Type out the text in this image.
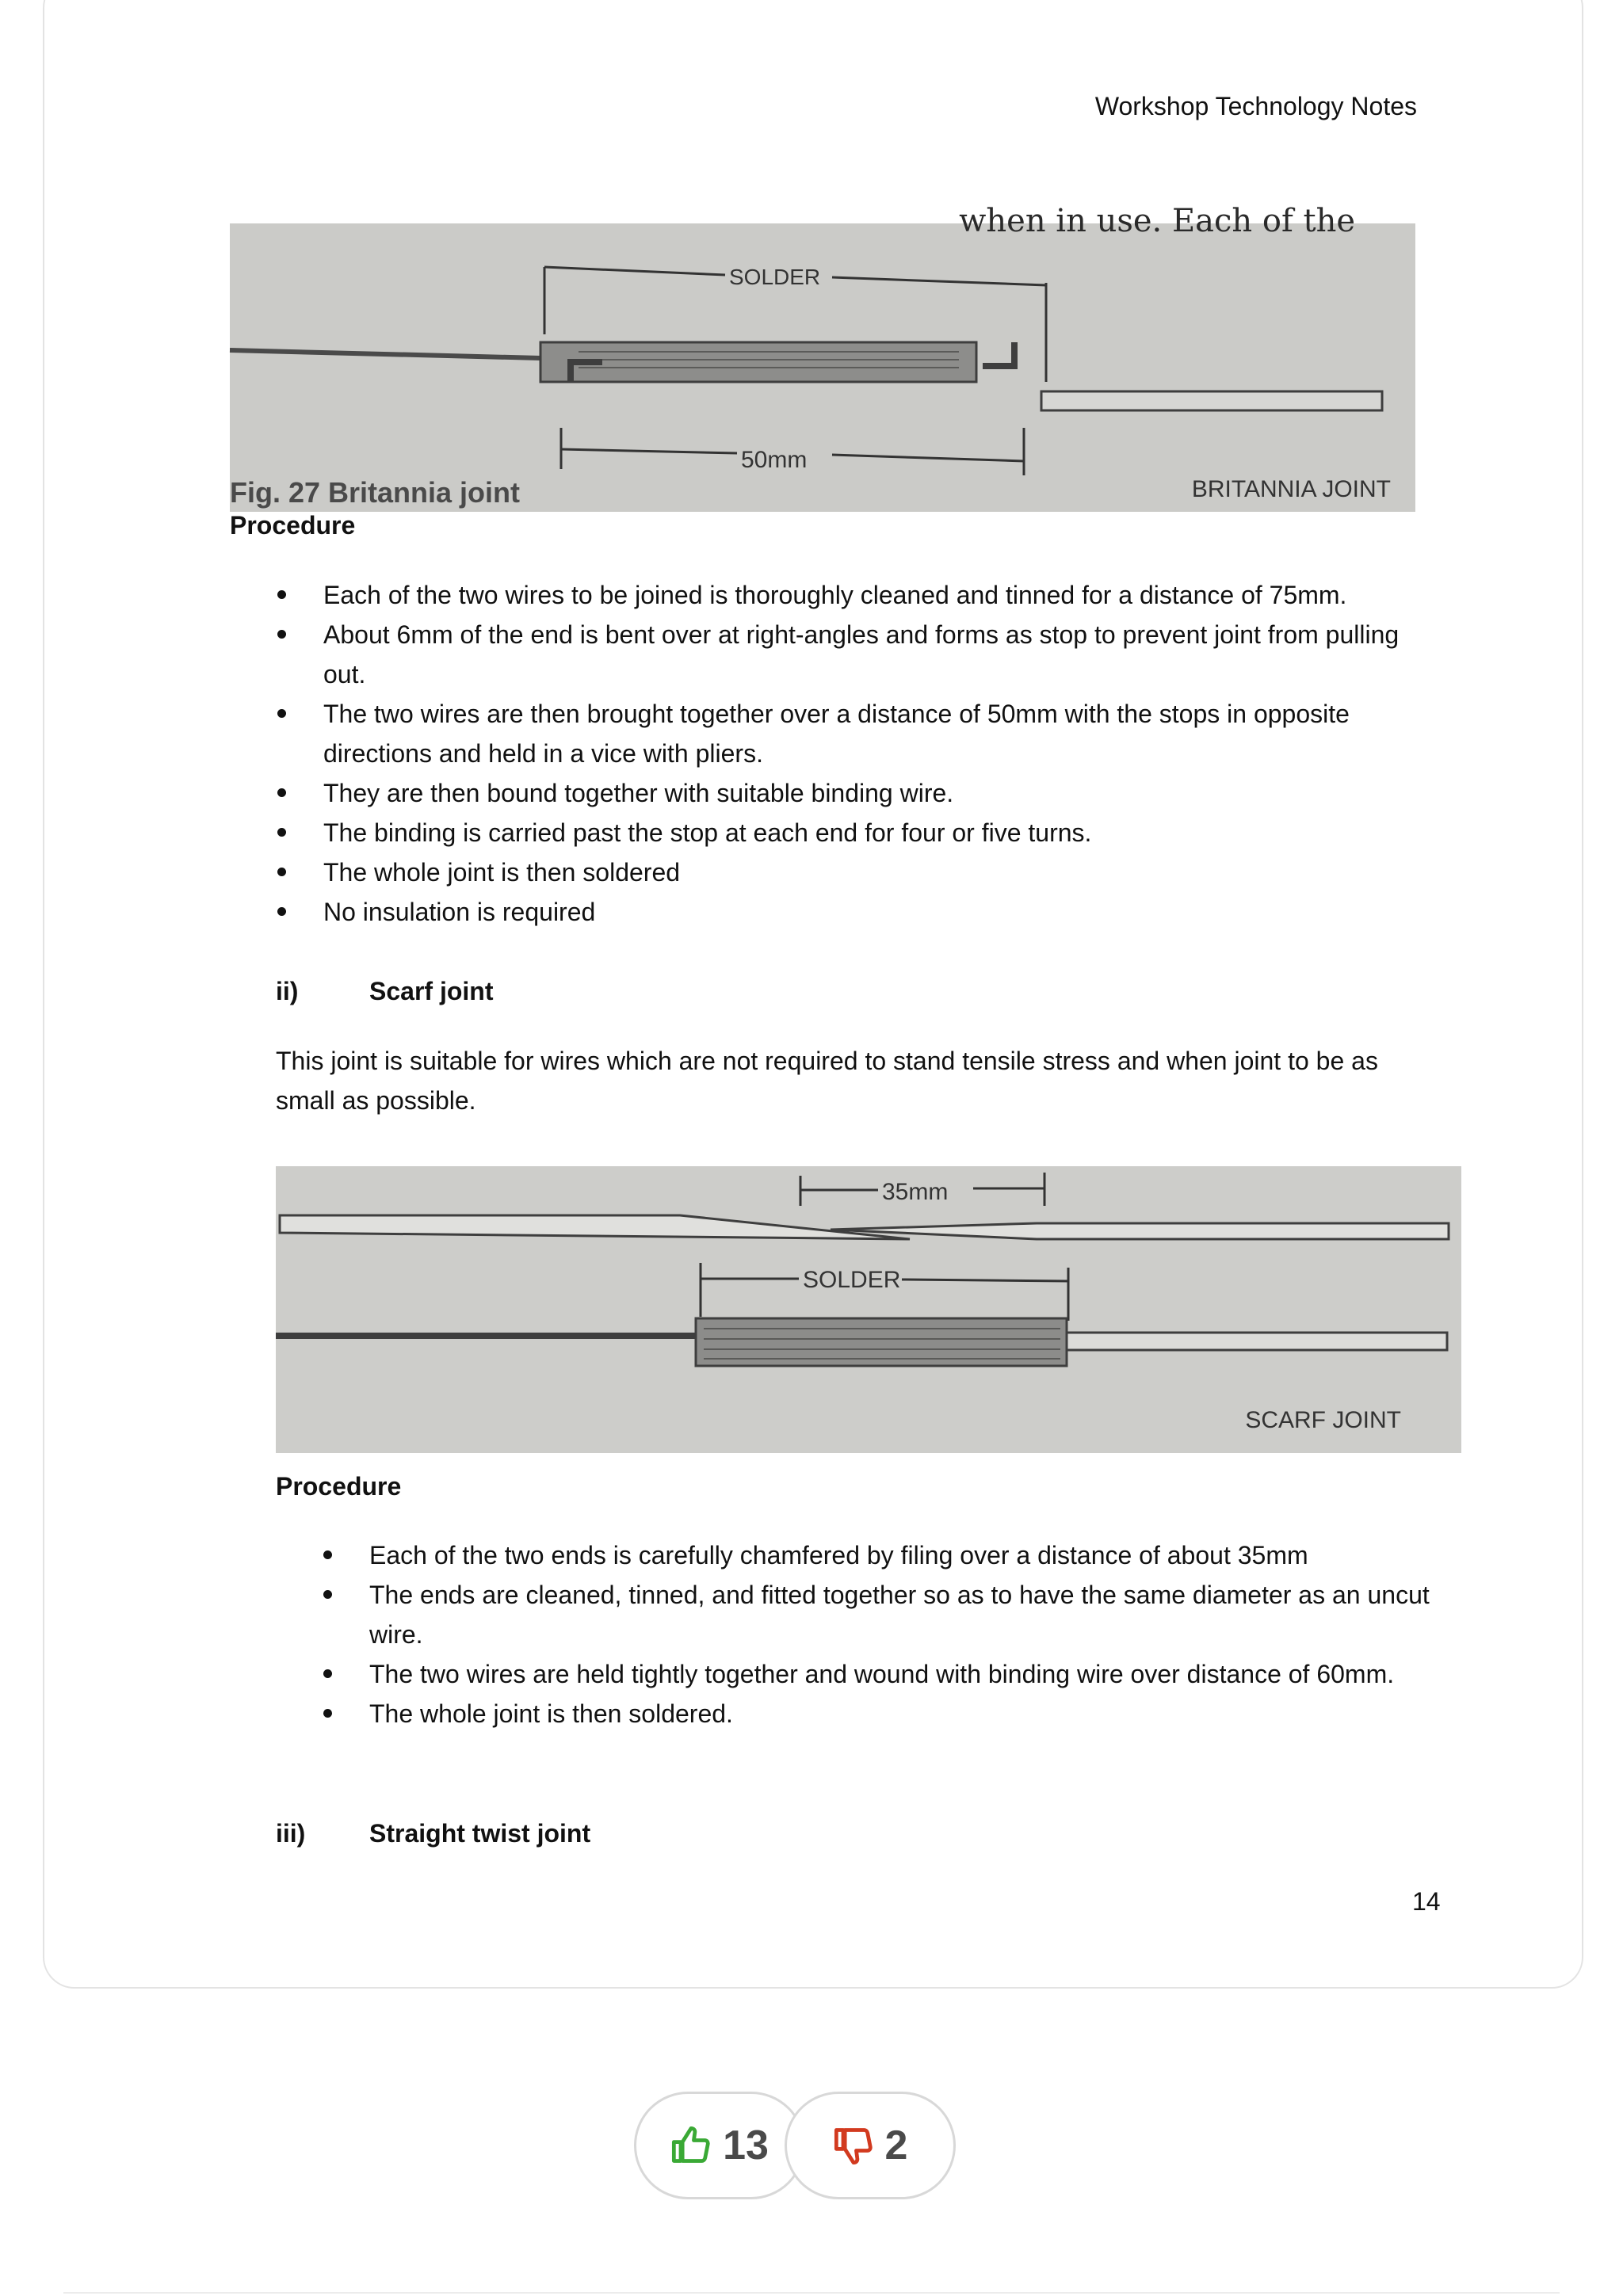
Workshop Technology Notes
when in use. Each of the
SOLDER
50mm
Fig. 27 Britannia joint	BRITANNIA JOINT
Procedure
Each of the two wires to be joined is thoroughly cleaned and tinned for a distance of 75mm.
About 6mm of the end is bent over at right-angles and forms as stop to prevent joint from pulling out.
The two wires are then brought together over a distance of 50mm with the stops in opposite directions and held in a vice with pliers.
They are then bound together with suitable binding wire.
The binding is carried past the stop at each end for four or five turns.
The whole joint is then soldered
No insulation is required
ii)	Scarf joint
This joint is suitable for wires which are not required to stand tensile stress and when joint to be as small as possible.
35mm
SOLDER
SCARF JOINT
Procedure
Each of the two ends is carefully chamfered by filing over a distance of about 35mm
The ends are cleaned, tinned, and fitted together so as to have the same diameter as an uncut wire.
The two wires are held tightly together and wound with binding wire over distance of 60mm.
The whole joint is then soldered.
iii)	Straight twist joint
14
13	2
